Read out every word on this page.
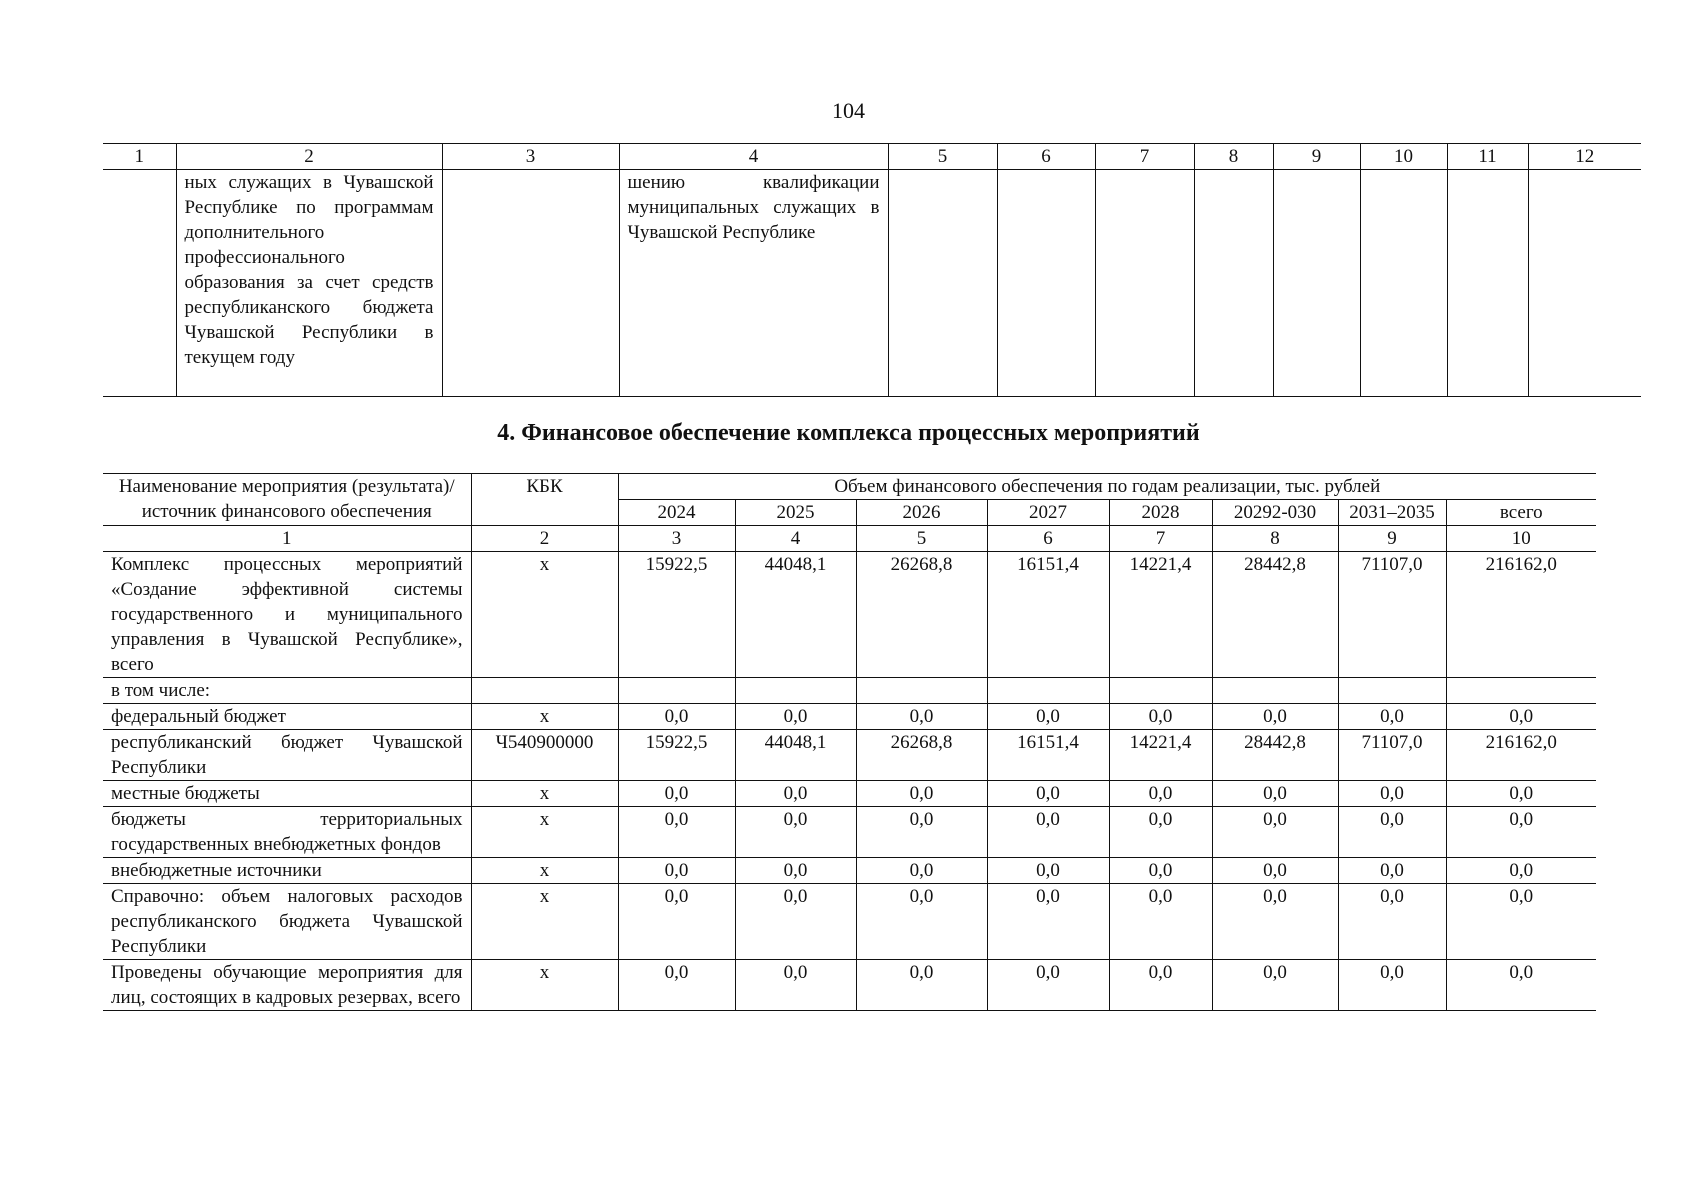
104
1	2	3	4	5	6	7	8	9	10	11	12
	ных служащих в Чувашской Республике по программам дополнительного профессионального образования за счет средств республиканского бюджета Чувашской Республики в текущем году		шению квалификации муниципальных служащих в Чувашской Республике								
4. Финансовое обеспечение комплекса процессных мероприятий
Наименование мероприятия (результата)/источник финансового обеспечения	КБК	Объем финансового обеспечения по годам реализации, тыс. рублей							
		2024	2025	2026	2027	2028	20292-030	2031–2035	всего
1	2	3	4	5	6	7	8	9	10
Комплекс процессных мероприятий «Создание эффективной системы государственного и муниципального управления в Чувашской Республике», всего	x	15922,5	44048,1	26268,8	16151,4	14221,4	28442,8	71107,0	216162,0
в том числе:									
федеральный бюджет	x	0,0	0,0	0,0	0,0	0,0	0,0	0,0	0,0
республиканский бюджет Чувашской Республики	Ч540900000	15922,5	44048,1	26268,8	16151,4	14221,4	28442,8	71107,0	216162,0
местные бюджеты	x	0,0	0,0	0,0	0,0	0,0	0,0	0,0	0,0
бюджеты территориальных государственных внебюджетных фондов	x	0,0	0,0	0,0	0,0	0,0	0,0	0,0	0,0
внебюджетные источники	x	0,0	0,0	0,0	0,0	0,0	0,0	0,0	0,0
Справочно: объем налоговых расходов республиканского бюджета Чувашской Республики	x	0,0	0,0	0,0	0,0	0,0	0,0	0,0	0,0
Проведены обучающие мероприятия для лиц, состоящих в кадровых резервах, всего	x	0,0	0,0	0,0	0,0	0,0	0,0	0,0	0,0
